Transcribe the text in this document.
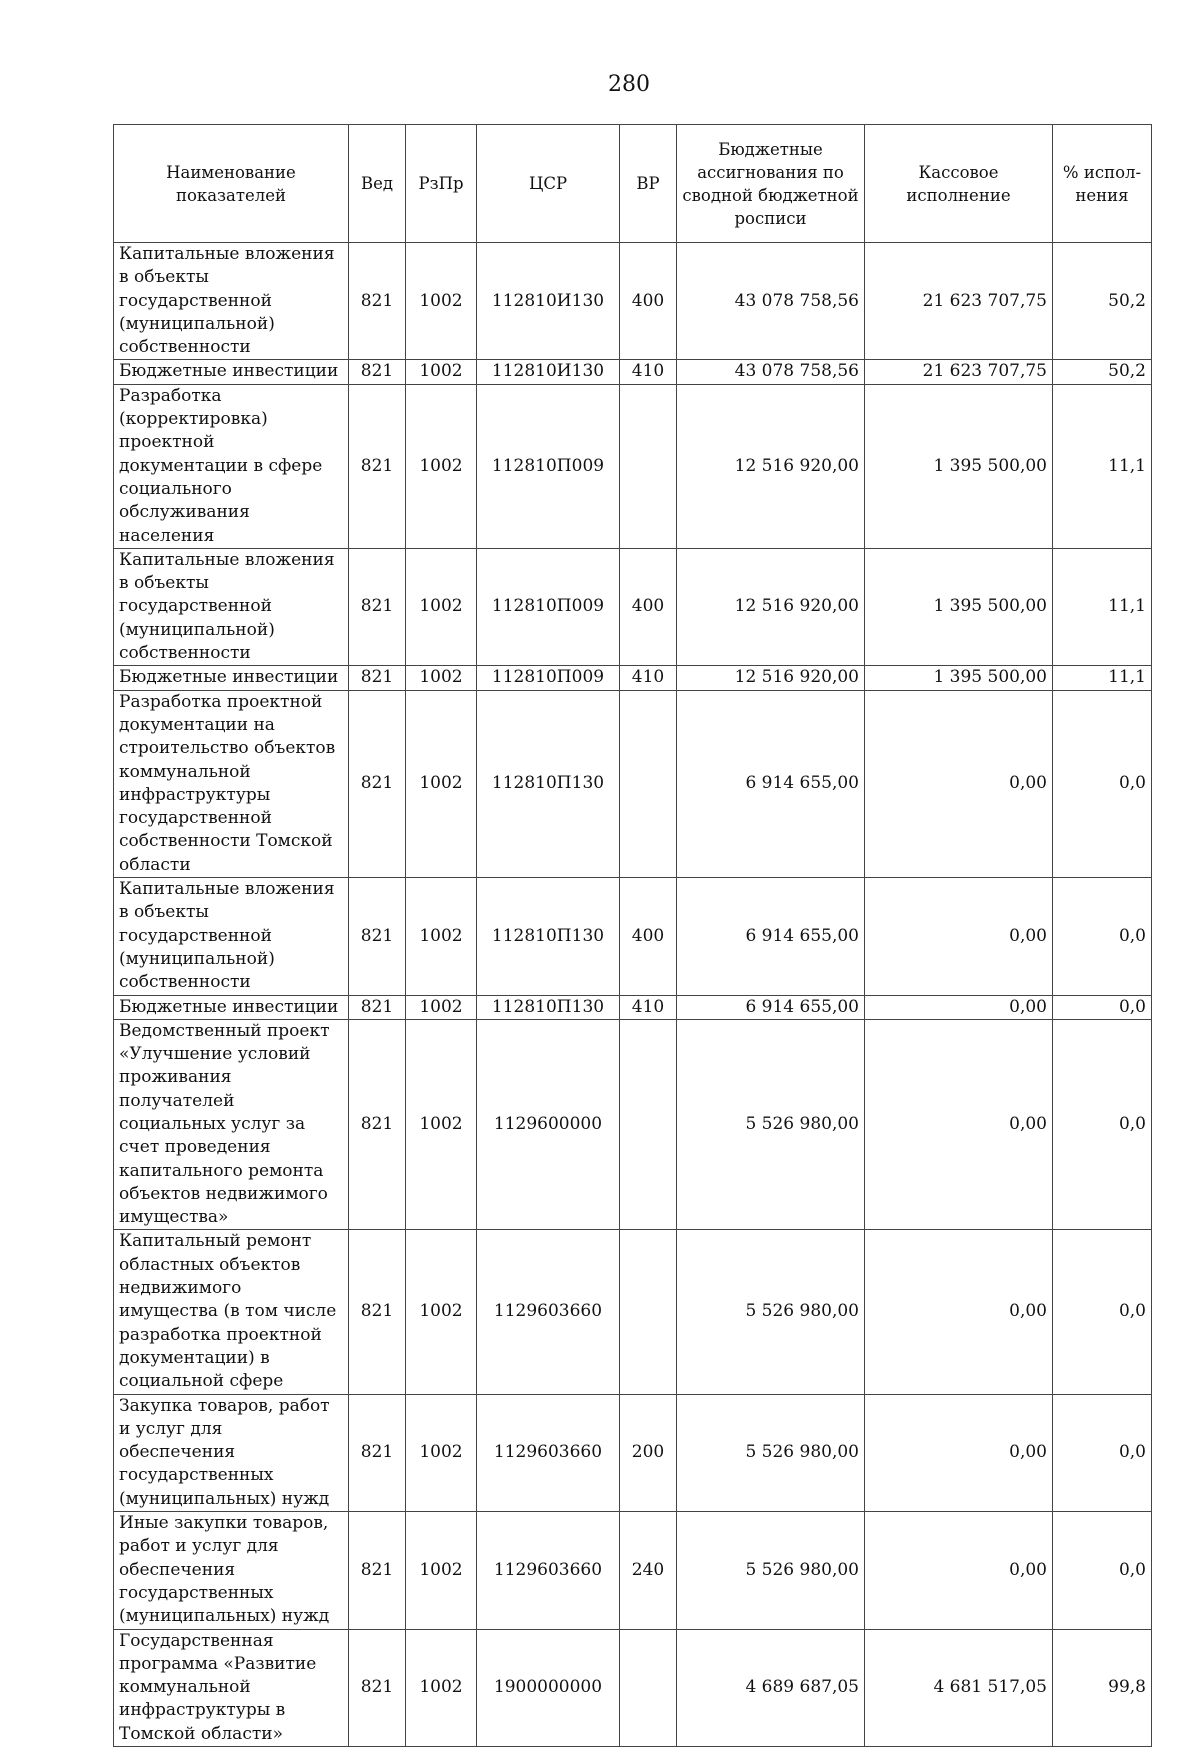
280
Наименование показателей	Вед	РзПр	ЦСР	ВР	Бюджетные ассигнования по сводной бюджетной росписи	Кассовое исполнение	% испол-нения
Капитальные вложения в объекты государственной (муниципальной) собственности	821	1002	112810И130	400	43 078 758,56	21 623 707,75	50,2
Бюджетные инвестиции	821	1002	112810И130	410	43 078 758,56	21 623 707,75	50,2
Разработка (корректировка) проектной документации в сфере социального обслуживания населения	821	1002	112810П009		12 516 920,00	1 395 500,00	11,1
Капитальные вложения в объекты государственной (муниципальной) собственности	821	1002	112810П009	400	12 516 920,00	1 395 500,00	11,1
Бюджетные инвестиции	821	1002	112810П009	410	12 516 920,00	1 395 500,00	11,1
Разработка проектной документации на строительство объектов коммунальной инфраструктуры государственной собственности Томской области	821	1002	112810П130		6 914 655,00	0,00	0,0
Капитальные вложения в объекты государственной (муниципальной) собственности	821	1002	112810П130	400	6 914 655,00	0,00	0,0
Бюджетные инвестиции	821	1002	112810П130	410	6 914 655,00	0,00	0,0
Ведомственный проект «Улучшение условий проживания получателей социальных услуг за счет проведения капитального ремонта объектов недвижимого имущества»	821	1002	1129600000		5 526 980,00	0,00	0,0
Капитальный ремонт областных объектов недвижимого имущества (в том числе разработка проектной документации) в социальной сфере	821	1002	1129603660		5 526 980,00	0,00	0,0
Закупка товаров, работ и услуг для обеспечения государственных (муниципальных) нужд	821	1002	1129603660	200	5 526 980,00	0,00	0,0
Иные закупки товаров, работ и услуг для обеспечения государственных (муниципальных) нужд	821	1002	1129603660	240	5 526 980,00	0,00	0,0
Государственная программа «Развитие коммунальной инфраструктуры в Томской области»	821	1002	1900000000		4 689 687,05	4 681 517,05	99,8
